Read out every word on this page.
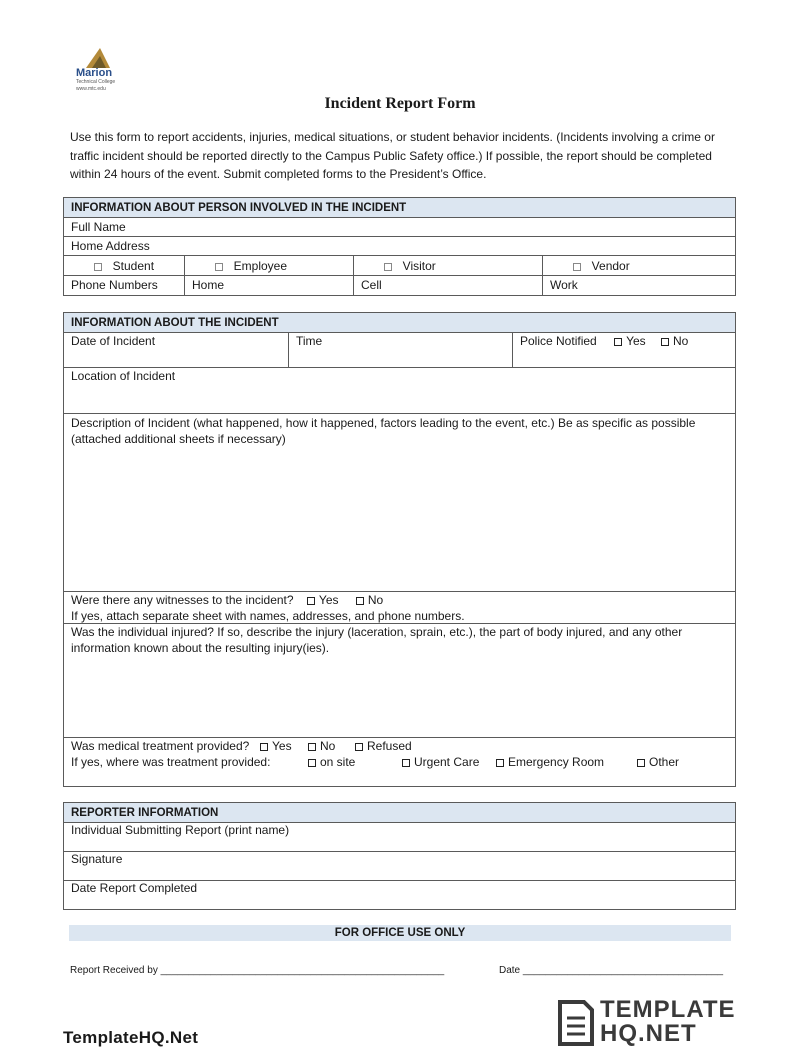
Marion
Technical College
www.mtc.edu
Incident Report Form
Use this form to report accidents, injuries, medical situations, or student behavior incidents. (Incidents involving a crime or traffic incident should be reported directly to the Campus Public Safety office.) If possible, the report should be completed within 24 hours of the event. Submit completed forms to the President’s Office.
INFORMATION ABOUT PERSON INVOLVED IN THE INCIDENT
Full Name
Home Address
Student	Employee	Visitor	Vendor
Phone Numbers	Home	Cell	Work
INFORMATION ABOUT THE INCIDENT
Date of Incident	Time	Police Notified Yes No
Location of Incident
Description of Incident (what happened, how it happened, factors leading to the event, etc.) Be as specific as possible (attached additional sheets if necessary)
Were there any witnesses to the incident? Yes No
If yes, attach separate sheet with names, addresses, and phone numbers.
Was the individual injured? If so, describe the injury (laceration, sprain, etc.), the part of body injured, and any other information known about the resulting injury(ies).
Was medical treatment provided?	Yes	No	Refused
If yes, where was treatment provided:	on site	Urgent Care	Emergency Room	Other
REPORTER INFORMATION
Individual Submitting Report (print name)
Signature
Date Report Completed
FOR OFFICE USE ONLY
Report Received by ___________________________________________________	Date ____________________________________
TemplateHQ.Net
TEMPLATE
HQ.NET
